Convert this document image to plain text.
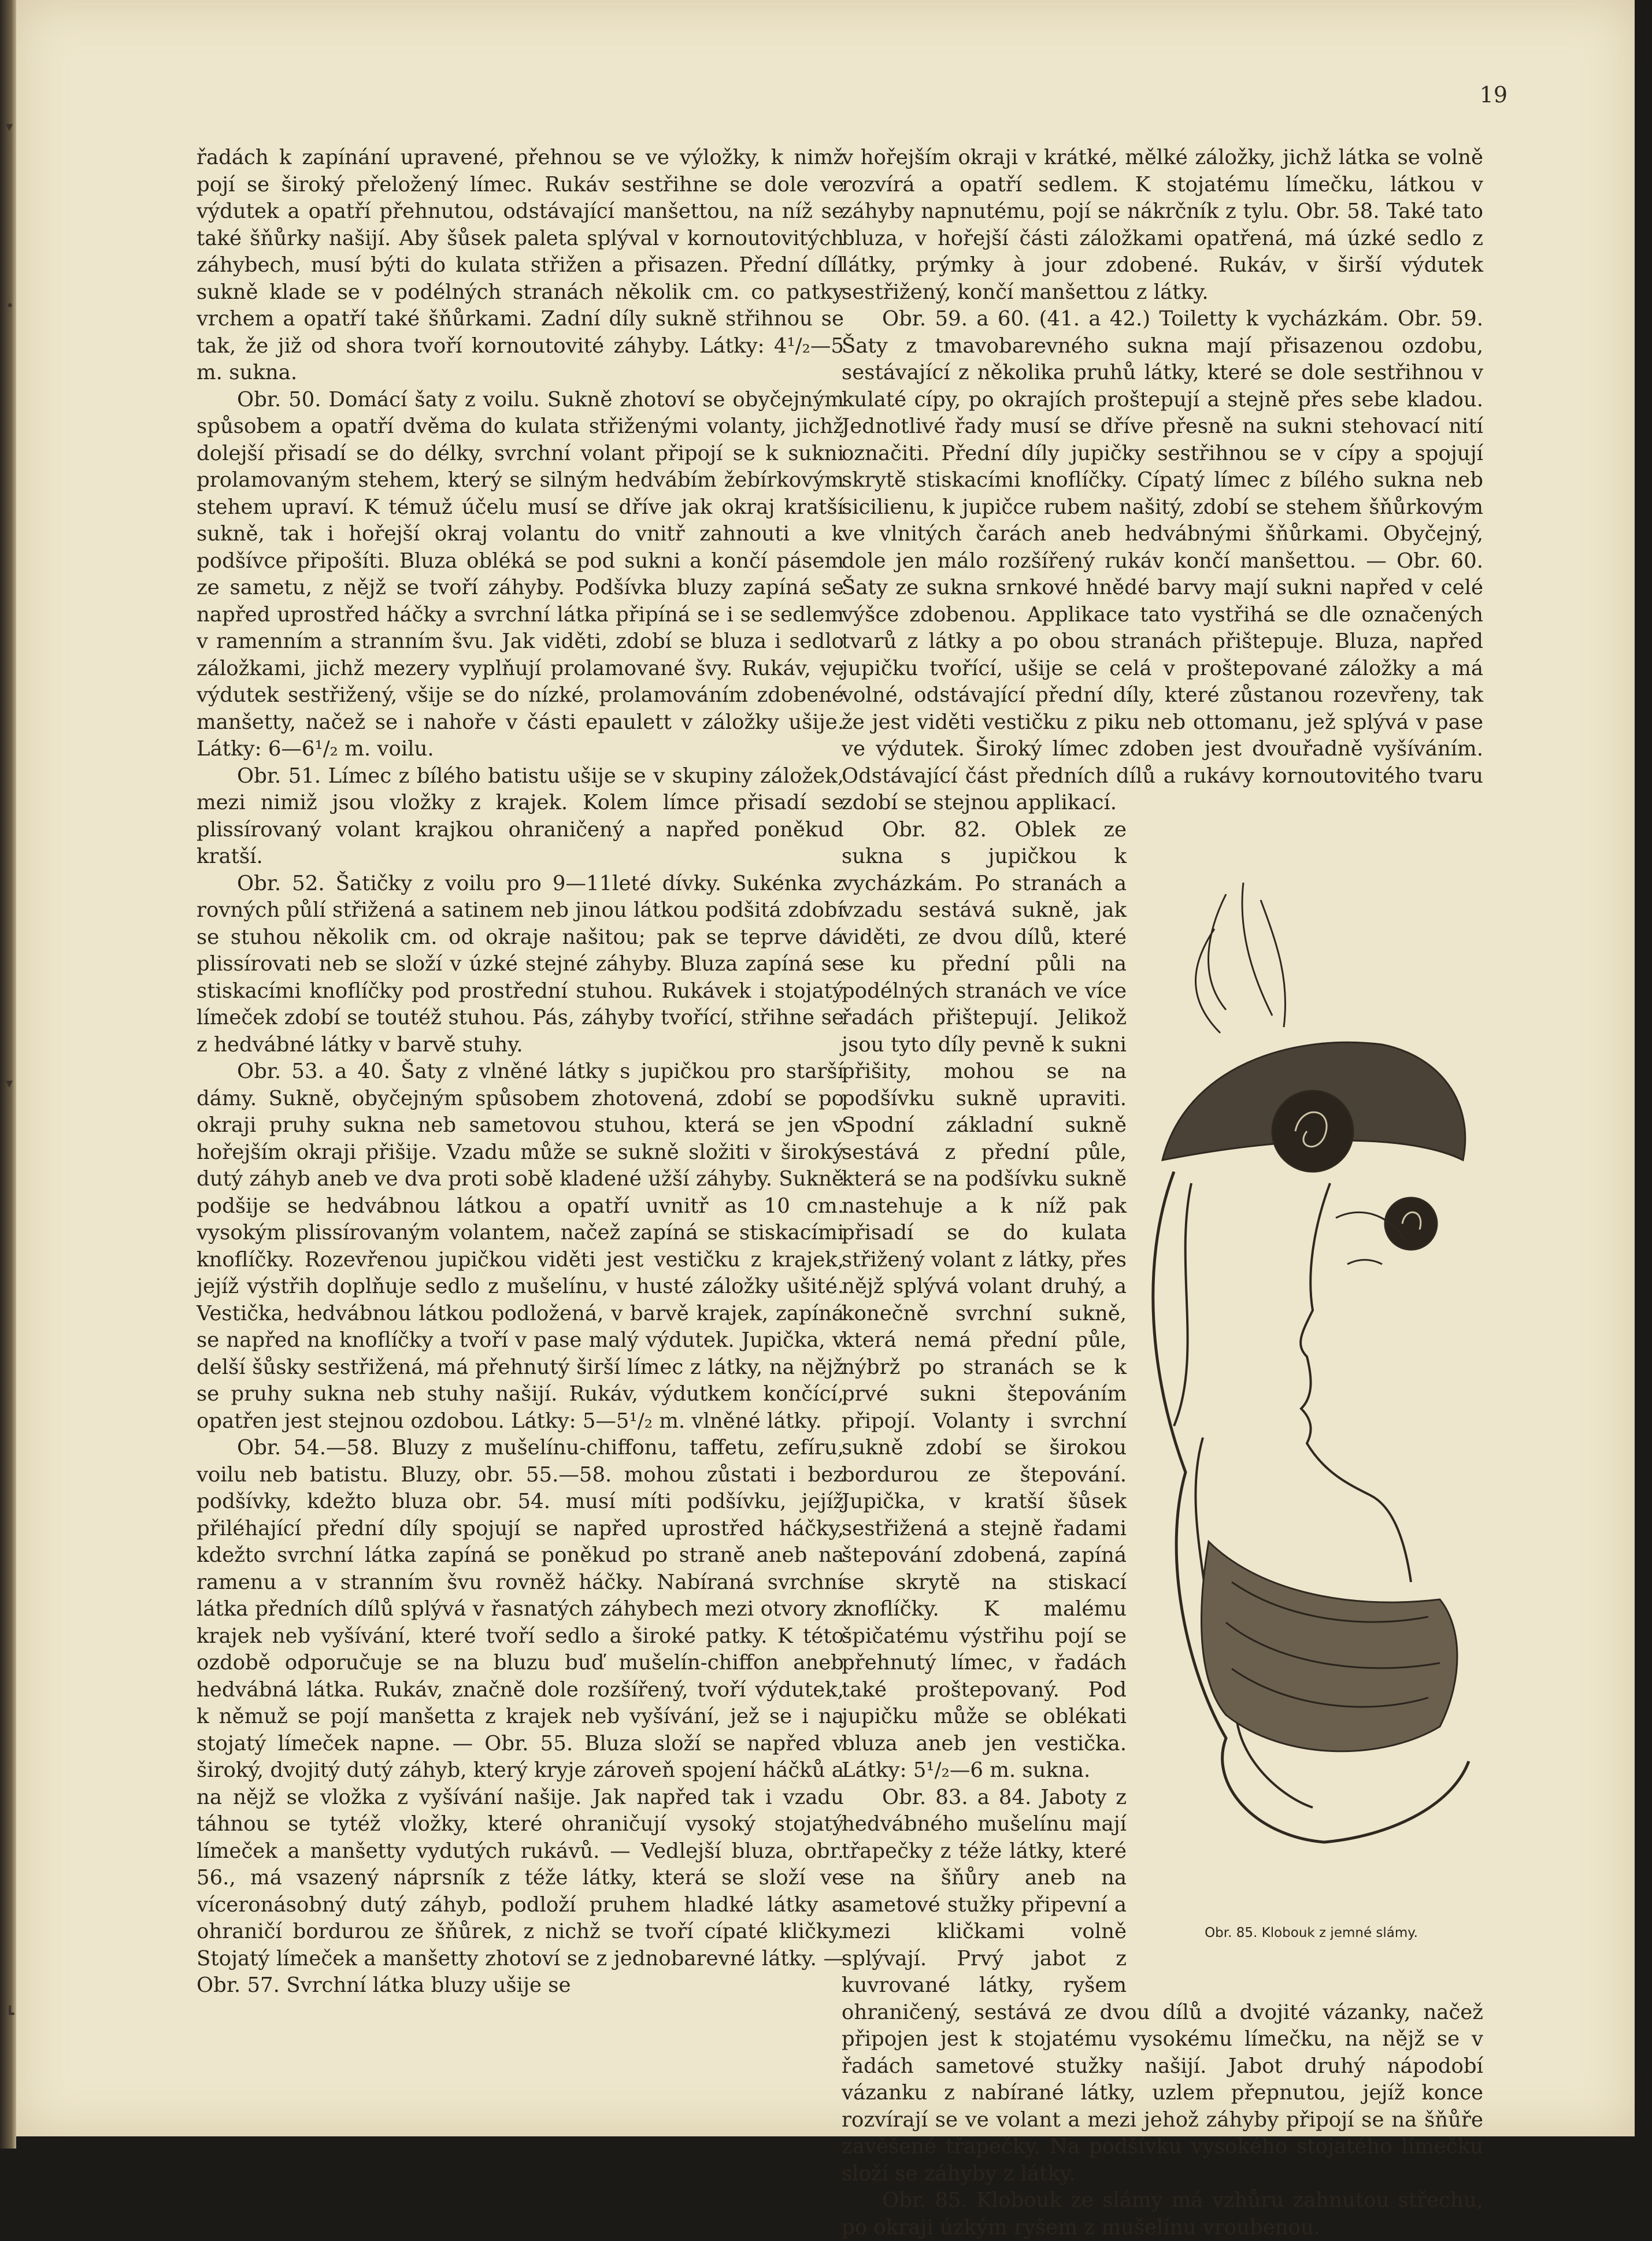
▾
•
▾
┗
19

řadách k zapínání upravené, přehnou se ve výložky, k nimž pojí se široký přeložený límec. Rukáv sestřihne se dole ve výdutek a opatří přehnutou, odstávající manšettou, na níž se také šňůrky našijí. Aby šůsek paleta splýval v kornoutovitých záhybech, musí býti do kulata střižen a přisazen. Přední díl sukně klade se v podélných stranách několik cm. co patky vrchem a opatří také šňůrkami. Zadní díly sukně střihnou se tak, že již od shora tvoří kornoutovité záhyby. Látky: 4¹/₂—5 m. sukna.

Obr. 50. Domácí šaty z voilu. Sukně zhotoví se obyčejným spůsobem a opatří dvěma do kulata střiženými volanty, jichž dolejší přisadí se do délky, svrchní volant připojí se k sukni prolamovaným stehem, který se silným hedvábím žebírkovým stehem upraví. K témuž účelu musí se dříve jak okraj kratší sukně, tak i hořejší okraj volantu do vnitř zahnouti a k podšívce připošíti. Bluza obléká se pod sukni a končí pásem ze sametu, z nějž se tvoří záhyby. Podšívka bluzy zapíná se napřed uprostřed háčky a svrchní látka připíná se i se sedlem v ramenním a stranním švu. Jak viděti, zdobí se bluza i sedlo záložkami, jichž mezery vyplňují prolamované švy. Rukáv, ve výdutek sestřižený, všije se do nízké, prolamováním zdobené manšetty, načež se i nahoře v části epaulett v záložky ušije. Látky: 6—6¹/₂ m. voilu.

Obr. 51. Límec z bílého batistu ušije se v skupiny záložek, mezi nimiž jsou vložky z krajek. Kolem límce přisadí se plissírovaný volant krajkou ohraničený a napřed poněkud kratší.

Obr. 52. Šatičky z voilu pro 9—11leté dívky. Sukénka z rovných půlí střižená a satinem neb jinou látkou podšitá zdobí se stuhou několik cm. od okraje našitou; pak se teprve dá plissírovati neb se složí v úzké stejné záhyby. Bluza zapíná se stiskacími knoflíčky pod prostřední stuhou. Rukávek i stojatý límeček zdobí se toutéž stuhou. Pás, záhyby tvořící, střihne se z hedvábné látky v barvě stuhy.

Obr. 53. a 40. Šaty z vlněné látky s jupičkou pro starší dámy. Sukně, obyčejným spůsobem zhotovená, zdobí se po okraji pruhy sukna neb sametovou stuhou, která se jen v hořejším okraji přišije. Vzadu může se sukně složiti v široký dutý záhyb aneb ve dva proti sobě kladené užší záhyby. Sukně podšije se hedvábnou látkou a opatří uvnitř as 10 cm. vysokým plissírovaným volantem, načež zapíná se stiskacími knoflíčky. Rozevřenou jupičkou viděti jest vestičku z krajek, jejíž výstřih doplňuje sedlo z mušelínu, v husté záložky ušité. Vestička, hedvábnou látkou podložená, v barvě krajek, zapíná se napřed na knoflíčky a tvoří v pase malý výdutek. Jupička, v delší šůsky sestřižená, má přehnutý širší límec z látky, na nějž se pruhy sukna neb stuhy našijí. Rukáv, výdutkem končící, opatřen jest stejnou ozdobou. Látky: 5—5¹/₂ m. vlněné látky.

Obr. 54.—58. Bluzy z mušelínu-chiffonu, taffetu, zefíru, voilu neb batistu. Bluzy, obr. 55.—58. mohou zůstati i bez podšívky, kdežto bluza obr. 54. musí míti podšívku, jejíž přiléhající přední díly spojují se napřed uprostřed háčky, kdežto svrchní látka zapíná se poněkud po straně aneb na ramenu a v stranním švu rovněž háčky. Nabíraná svrchní látka předních dílů splývá v řasnatých záhybech mezi otvory z krajek neb vyšívání, které tvoří sedlo a široké patky. K této ozdobě odporučuje se na bluzu buď mušelín-chiffon aneb hedvábná látka. Rukáv, značně dole rozšířený, tvoří výdutek, k němuž se pojí manšetta z krajek neb vyšívání, jež se i na stojatý límeček napne. — Obr. 55. Bluza složí se napřed v široký, dvojitý dutý záhyb, který kryje zároveň spojení háčků a na nějž se vložka z vyšívání našije. Jak napřed tak i vzadu táhnou se tytéž vložky, které ohraničují vysoký stojatý límeček a manšetty vydutých rukávů. — Vedlejší bluza, obr. 56., má vsazený náprsník z téže látky, která se složí ve víceronásobný dutý záhyb, podloží pruhem hladké látky a ohraničí bordurou ze šňůrek, z nichž se tvoří cípaté kličky. Stojatý límeček a manšetty zhotoví se z jednobarevné látky. — Obr. 57. Svrchní látka bluzy ušije se

v hořejším okraji v krátké, mělké záložky, jichž látka se volně rozvírá a opatří sedlem. K stojatému límečku, látkou v záhyby napnutému, pojí se nákrčník z tylu. Obr. 58. Také tato bluza, v hořejší části záložkami opatřená, má úzké sedlo z látky, prýmky à jour zdobené. Rukáv, v širší výdutek sestřižený, končí manšettou z látky.

Obr. 59. a 60. (41. a 42.) Toiletty k vycházkám. Obr. 59. Šaty z tmavobarevného sukna mají přisazenou ozdobu, sestávající z několika pruhů látky, které se dole sestřihnou v kulaté cípy, po okrajích proštepují a stejně přes sebe kladou. Jednotlivé řady musí se dříve přesně na sukni stehovací nití označiti. Přední díly jupičky sestřihnou se v cípy a spojují skrytě stiskacími knoflíčky. Cípatý límec z bílého sukna neb sicilienu, k jupičce rubem našitý, zdobí se stehem šňůrkovým ve vlnitých čarách aneb hedvábnými šňůrkami. Obyčejný, dole jen málo rozšířený rukáv končí manšettou. — Obr. 60. Šaty ze sukna srnkové hnědé barvy mají sukni napřed v celé výšce zdobenou. Applikace tato vystřihá se dle označených tvarů z látky a po obou stranách přištepuje. Bluza, napřed jupičku tvořící, ušije se celá v proštepované záložky a má volné, odstávající přední díly, které zůstanou rozevřeny, tak že jest viděti vestičku z piku neb ottomanu, jež splývá v pase ve výdutek. Široký límec zdoben jest dvouřadně vyšíváním. Odstávající část předních dílů a rukávy kornoutovitého tvaru zdobí se stejnou applikací.

Obr. 85. Klobouk z jemné slámy.

Obr. 82. Oblek ze sukna s jupičkou k vycházkám. Po stranách a vzadu sestává sukně, jak viděti, ze dvou dílů, které se ku přední půli na podélných stranách ve více řadách přištepují. Jelikož jsou tyto díly pevně k sukni přišity, mohou se na podšívku sukně upraviti. Spodní základní sukně sestává z přední půle, která se na podšívku sukně nastehuje a k níž pak přisadí se do kulata střižený volant z látky, přes nějž splývá volant druhý, a konečně svrchní sukně, která nemá přední půle, nýbrž po stranách se k prvé sukni štepováním připojí. Volanty i svrchní sukně zdobí se širokou bordurou ze štepování. Jupička, v kratší šůsek sestřižená a stejně řadami štepování zdobená, zapíná se skrytě na stiskací knoflíčky. K malému špičatému výstřihu pojí se přehnutý límec, v řadách také proštepovaný. Pod jupičku může se oblékati bluza aneb jen vestička. Látky: 5¹/₂—6 m. sukna.

Obr. 83. a 84. Jaboty z hedvábného mušelínu mají třapečky z téže látky, které se na šňůry aneb na sametové stužky připevní a mezi kličkami volně splývají. Prvý jabot z kuvrované látky, ryšem ohraničený, sestává ze dvou dílů a dvojité vázanky, načež připojen jest k stojatému vysokému límečku, na nějž se v řadách sametové stužky našijí. Jabot druhý nápodobí vázanku z nabírané látky, uzlem přepnutou, jejíž konce rozvírají se ve volant a mezi jehož záhyby připojí se na šňůře zavěšené třapečky. Na podšívku vysokého stojatého límečku složí se záhyby z látky.

Obr. 85. Klobouk ze slámy má vzhůru zahnutou střechu, po okraji úzkým ryšem z mušelínu vroubenou.
